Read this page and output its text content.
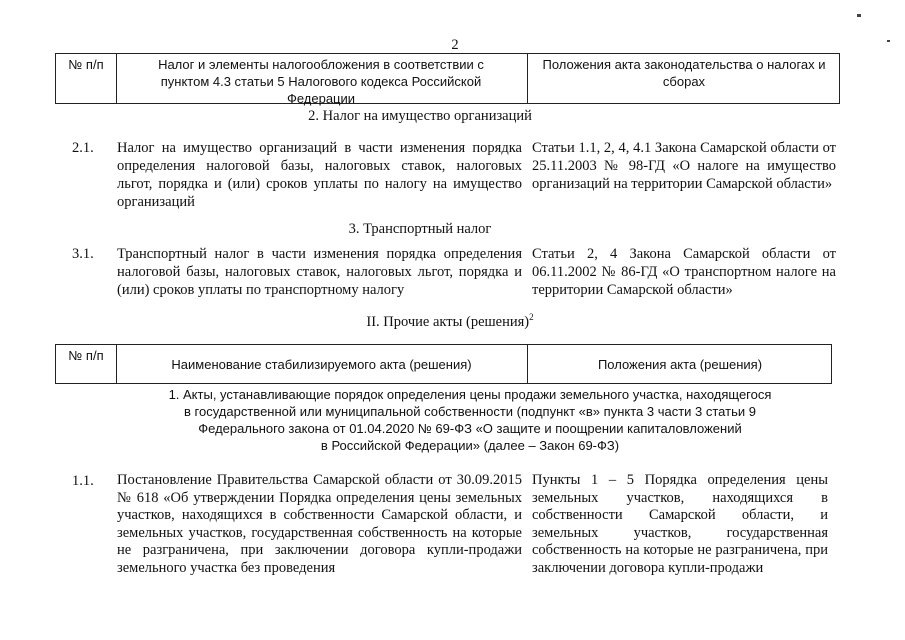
2
№ п/п	Налог и элементы налогообложения в соответствии с пунктом 4.3 статьи 5 Налогового кодекса Российской Федерации
Положения акта законодательства о налогах и сборах
2. Налог на имущество организаций
2.1. Налог на имущество организаций в части изменения порядка определения налоговой базы, налоговых ставок, налоговых льгот, порядка и (или) сроков уплаты по налогу на имущество организаций
Статьи 1.1, 2, 4, 4.1 Закона Самарской области от 25.11.2003 № 98-ГД «О налоге на имущество организаций на территории Самарской области»
3. Транспортный налог
3.1. Транспортный налог в части изменения порядка определения налоговой базы, налоговых ставок, налоговых льгот, порядка и (или) сроков уплаты по транспортному налогу
Статьи 2, 4 Закона Самарской области от 06.11.2002 № 86-ГД «О транспортном налоге на территории Самарской области»
II. Прочие акты (решения)$^2$
№ п/п
Наименование стабилизируемого акта (решения)	Положения акта (решения)
1. Акты, устанавливающие порядок определения цены продажи земельного участка, находящегося
в государственной или муниципальной собственности (подпункт «в» пункта 3 части 3 статьи 9
Федерального закона от 01.04.2020 № 69-ФЗ «О защите и поощрении капиталовложений
в Российской Федерации» (далее – Закон 69-ФЗ)
1.1. Постановление Правительства Самарской области от 30.09.2015 № 618 «Об утверждении Порядка определения цены земельных участков, находящихся в собственности Самарской области, и земельных участков, государственная собственность на которые не разграничена, при заключении договора купли-продажи земельного участка без проведения
Пункты 1 – 5 Порядка определения цены земельных участков, находящихся в собственности Самарской области, и земельных участков, государственная собственность на которые не разграничена, при заключении договора купли-продажи
